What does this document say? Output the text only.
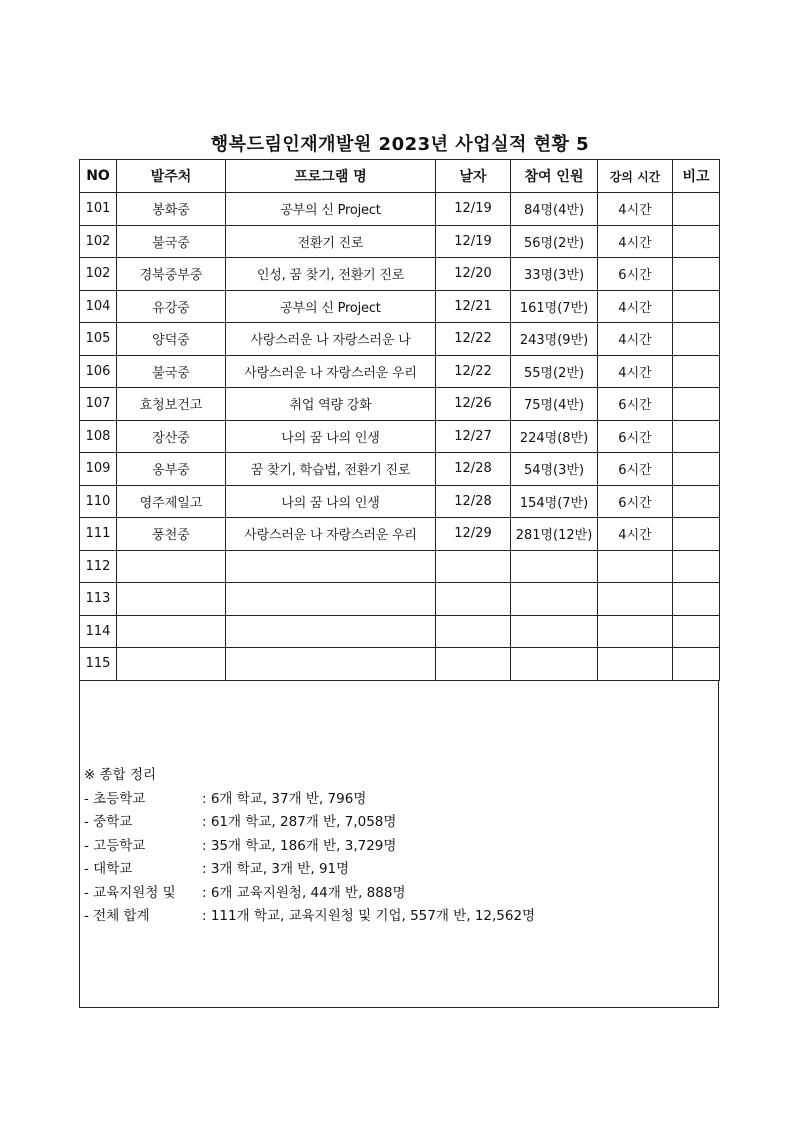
행복드림인재개발원 2023년 사업실적 현황 5
NO	발주처	프로그램 명	날자	참여 인원	강의 시간	비고
101	봉화중	공부의 신 Project	12/19	84명(4반)	4시간	
102	불국중	전환기 진로	12/19	56명(2반)	4시간	
102	경북중부중	인성, 꿈 찾기, 전환기 진로	12/20	33명(3반)	6시간	
104	유강중	공부의 신 Project	12/21	161명(7반)	4시간	
105	양덕중	사랑스러운 나 자랑스러운 나	12/22	243명(9반)	4시간	
106	불국중	사랑스러운 나 자랑스러운 우리	12/22	55명(2반)	4시간	
107	효청보건고	취업 역량 강화	12/26	75명(4반)	6시간	
108	장산중	나의 꿈 나의 인생	12/27	224명(8반)	6시간	
109	옹부중	꿈 찾기, 학습법, 전환기 진로	12/28	54명(3반)	6시간	
110	영주제일고	나의 꿈 나의 인생	12/28	154명(7반)	6시간	
111	풍천중	사랑스러운 나 자랑스러운 우리	12/29	281명(12반)	4시간	
112						
113						
114						
115						
※ 종합 정리
- 초등학교	: 6개 학교, 37개 반, 796명
- 중학교	: 61개 학교, 287개 반, 7,058명
- 고등학교	: 35개 학교, 186개 반, 3,729명
- 대학교	: 3개 학교, 3개 반, 91명
- 교육지원청 및	: 6개 교육지원청, 44개 반, 888명
- 전체 합계	: 111개 학교, 교육지원청 및 기업, 557개 반, 12,562명
